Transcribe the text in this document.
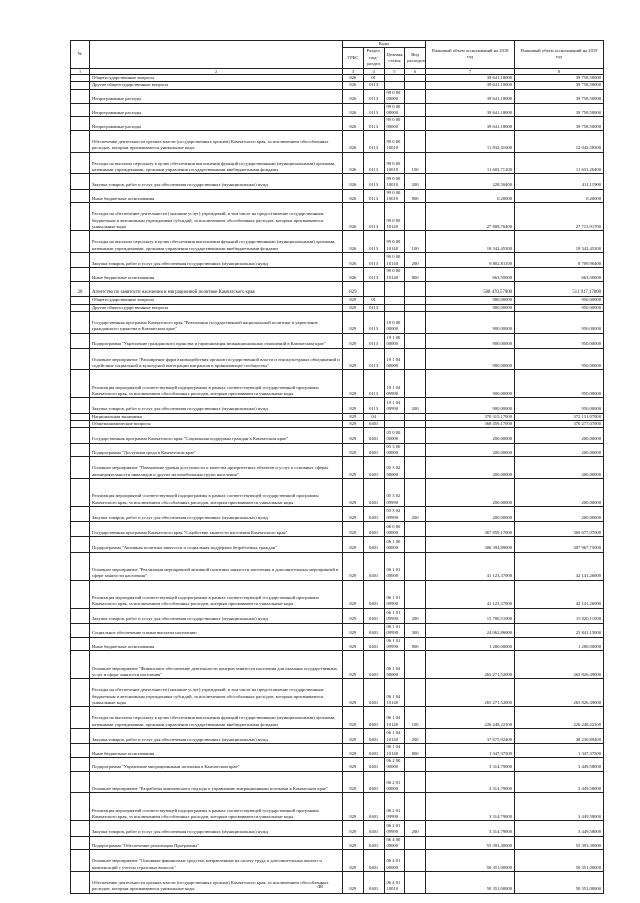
№		Коды				Плановый объем ассигнований на 2018 год	Плановый объем ассигнований на 2019 год
		ГРБС	Раздел, под-раздел	Целевая статья	Вид расходов		
1	2	3	4	5	6	7	8
	Общегосударственные вопросы	826	01			39 641,18000	39 758,50000
	Другие общегосударственные вопросы	826	0113			39 641,18000	39 758,50000
	Непрограммные расходы	826	0113	99 0 00 00000		39 641,18000	39 758,50000
	Непрограммные расходы	826	0113	99 0 00 00000		39 641,18000	39 758,50000
	Непрограммные расходы	826	0113	99 0 00 00000		39 641,18000	39 758,50000
	Обеспечение деятельности органов власти (государственных органов) Камчатского края, за исключением обособленных расходов, которым присваиваются уникальные коды	826	0113	99 0 00 10010		11 832,41600	12 042,58300
	Расходы на выплаты персоналу в целях обеспечения выполнения функций государственными (муниципальными) органами, казенными учреждениями, органами управления государственными внебюджетными фондами	826	0113	99 0 00 10010	100	11 603,71200	11 631,26400
	Закупка товаров, работ и услуг для обеспечения государственных (муниципальных) нужд	826	0113	99 0 00 10010	200	228,50400	411,11900
	Иные бюджетные ассигнования	826	0113	99 0 00 10010	800	0,20000	0,20000
	Расходы на обеспечение деятельности (оказание услуг) учреждений, в том числе на предоставление государственным бюджетным и автономным учреждениям субсидий, за исключением обособленных расходов, которым присваиваются уникальные коды	826	0113	99 0 00 10140		27 808,76400	27 715,91700
	Расходы на выплаты персоналу в целях обеспечения выполнения функций государственными (муниципальными) органами, казенными учреждениями, органами управления государственными внебюджетными фондами	826	0113	99 0 00 10140	100	18 342,45300	18 342,45300
	Закупка товаров, работ и услуг для обеспечения государственных (муниципальных) нужд	826	0113	99 0 00 10140	200	8 802,81100	8 709,96400
	Иные бюджетные ассигнования	826	0113	99 0 00 10140	800	663,50000	663,50000
20	Агентство по занятости населения и миграционной политике Камчатского края	829				508 470,57000	511 917,17000
	Общегосударственные вопросы	829	01			900,00000	950,00000
	Другие общегосударственные вопросы	829	0113			900,00000	950,00000
	Государственная программа Камчатского края "Реализация государственной национальной политики и укрепление гражданского единства в Камчатском крае"	829	0113	19 0 00 00000		900,00000	950,00000
	Подпрограмма "Укрепление гражданского единства и гармонизация межнациональных отношений в Камчатском крае"	829	0113	19 1 00 00000		900,00000	950,00000
	Основное мероприятие "Расширение форм взаимодействия органов государственной власти и этнокультурных объединений и содействие социальной и культурной интеграции мигрантов в принимающее сообщество"	829	0113	19 1 04 00000		900,00000	950,00000
	Реализация мероприятий соответствующей подпрограммы в рамках соответствующей государственной программы Камчатского края, за исключением обособленных расходов, которым присваиваются уникальные коды	829	0113	19 1 04 09990		900,00000	950,00000
	Закупка товаров, работ и услуг для обеспечения государственных (муниципальных) нужд	829	0113	19 1 04 09990	200	900,00000	950,00000
	Национальная экономика	829	04			370 315,17000	372 131,07000
	Общеэкономические вопросы	829	0401			368 459,17000	370 277,07000
	Государственная программа Камчатского края "Социальная поддержка граждан в Камчатском крае"	829	0401	05 0 00 00000		200,00000	200,00000
	Подпрограмма "Доступная среда в Камчатском крае"	829	0401	05 3 00 00000		200,00000	200,00000
	Основное мероприятие "Повышение уровня доступности и качества приоритетных объектов и услуг в основных сферах жизнедеятельности инвалидов и других маломобильных групп населения"	829	0401	05 3 02 00000		200,00000	200,00000
	Реализация мероприятий соответствующей подпрограммы в рамках соответствующей государственной программы Камчатского края, за исключением обособленных расходов, которым присваиваются уникальные коды	829	0401	05 3 02 09990		200,00000	200,00000
	Закупка товаров, работ и услуг для обеспечения государственных (муниципальных) нужд	829	0401	05 3 02 09990	200	200,00000	200,00000
	Государственная программа Камчатского края "Содействие занятости населения Камчатского края"	829	0401	06 0 00 00000		367 859,17000	369 677,07000
	Подпрограмма "Активная политика занятости и социальная поддержка безработных граждан"	829	0401	06 1 00 00000		306 394,89000	307 967,75000
	Основное мероприятие "Реализация мероприятий активной политики занятости населения и дополнительных мероприятий в сфере занятости населения"	829	0401	06 1 01 00000		41 123,37000	42 141,26000
	Реализация мероприятий соответствующей подпрограммы в рамках соответствующей государственной программы Камчатского края, за исключением обособленных расходов, которым присваиваются уникальные коды	829	0401	06 1 01 09990		41 123,37000	42 141,26000
	Закупка товаров, работ и услуг для обеспечения государственных (муниципальных) нужд	829	0401	06 1 01 09990	200	15 780,51000	15 020,11000
	Социальное обеспечение и иные выплаты населению	829	0401	06 1 01 09990	300	24 062,86000	25 841,15000
	Иные бюджетные ассигнования	829	0401	06 1 01 09990	800	1 280,00000	1 280,00000
	Основное мероприятие "Финансовое обеспечение деятельности центров занятости населения для оказания государственных услуг в сфере занятости населения"	829	0401	06 1 04 00000		265 271,52000	265 826,49000
	Расходы на обеспечение деятельности (оказание услуг) учреждений, в том числе на предоставление государственным бюджетным и автономным учреждениям субсидий, за исключением обособленных расходов, которым присваиваются уникальные коды	829	0401	06 1 04 10140		265 271,52000	265 826,49000
	Расходы на выплаты персоналу в целях обеспечения выполнения функций государственными (муниципальными) органами, казенными учреждениями, органами управления государственными внебюджетными фондами	829	0401	06 1 04 10140	100	226 248,22100	226 248,22100
	Закупка товаров, работ и услуг для обеспечения государственных (муниципальных) нужд	829	0401	06 1 04 10140	200	37 675,92400	38 230,89400
	Иные бюджетные ассигнования	829	0401	06 1 04 10140	800	1 347,37500	1 347,37500
	Подпрограмма "Управление миграционными потоками в Камчатском крае"	829	0401	06 2 00 00000		3 314,79000	3 449,58000
	Основное мероприятие "Разработка комплексного подхода к управлению миграционными потоками в Камчатском крае"	829	0401	06 2 01 00000		3 314,79000	3 449,58000
	Реализация мероприятий соответствующей подпрограммы в рамках соответствующей государственной программы Камчатского края, за исключением обособленных расходов, которым присваиваются уникальные коды	829	0401	06 2 01 09990		3 314,79000	3 449,58000
	Закупка товаров, работ и услуг для обеспечения государственных (муниципальных) нужд	829	0401	06 2 01 09990	200	3 314,79000	3 449,58000
	Подпрограмма "Обеспечение реализации Программы"	829	0401	06 4 00 00000		55 393,30000	55 393,30000
	Основное мероприятие "Основные финансовые средства, направленные на оплату труда и дополнительных выплат и компенсаций с учетом страховых взносов"	829	0401	06 4 01 00000		50 351,00000	50 351,00000
	Обеспечение деятельности органов власти (государственных органов) Камчатского края, за исключением обособленных расходов, которым присваиваются уникальные коды	829	0401	06 4 01 10010		50 351,00000	50 351,00000
48
